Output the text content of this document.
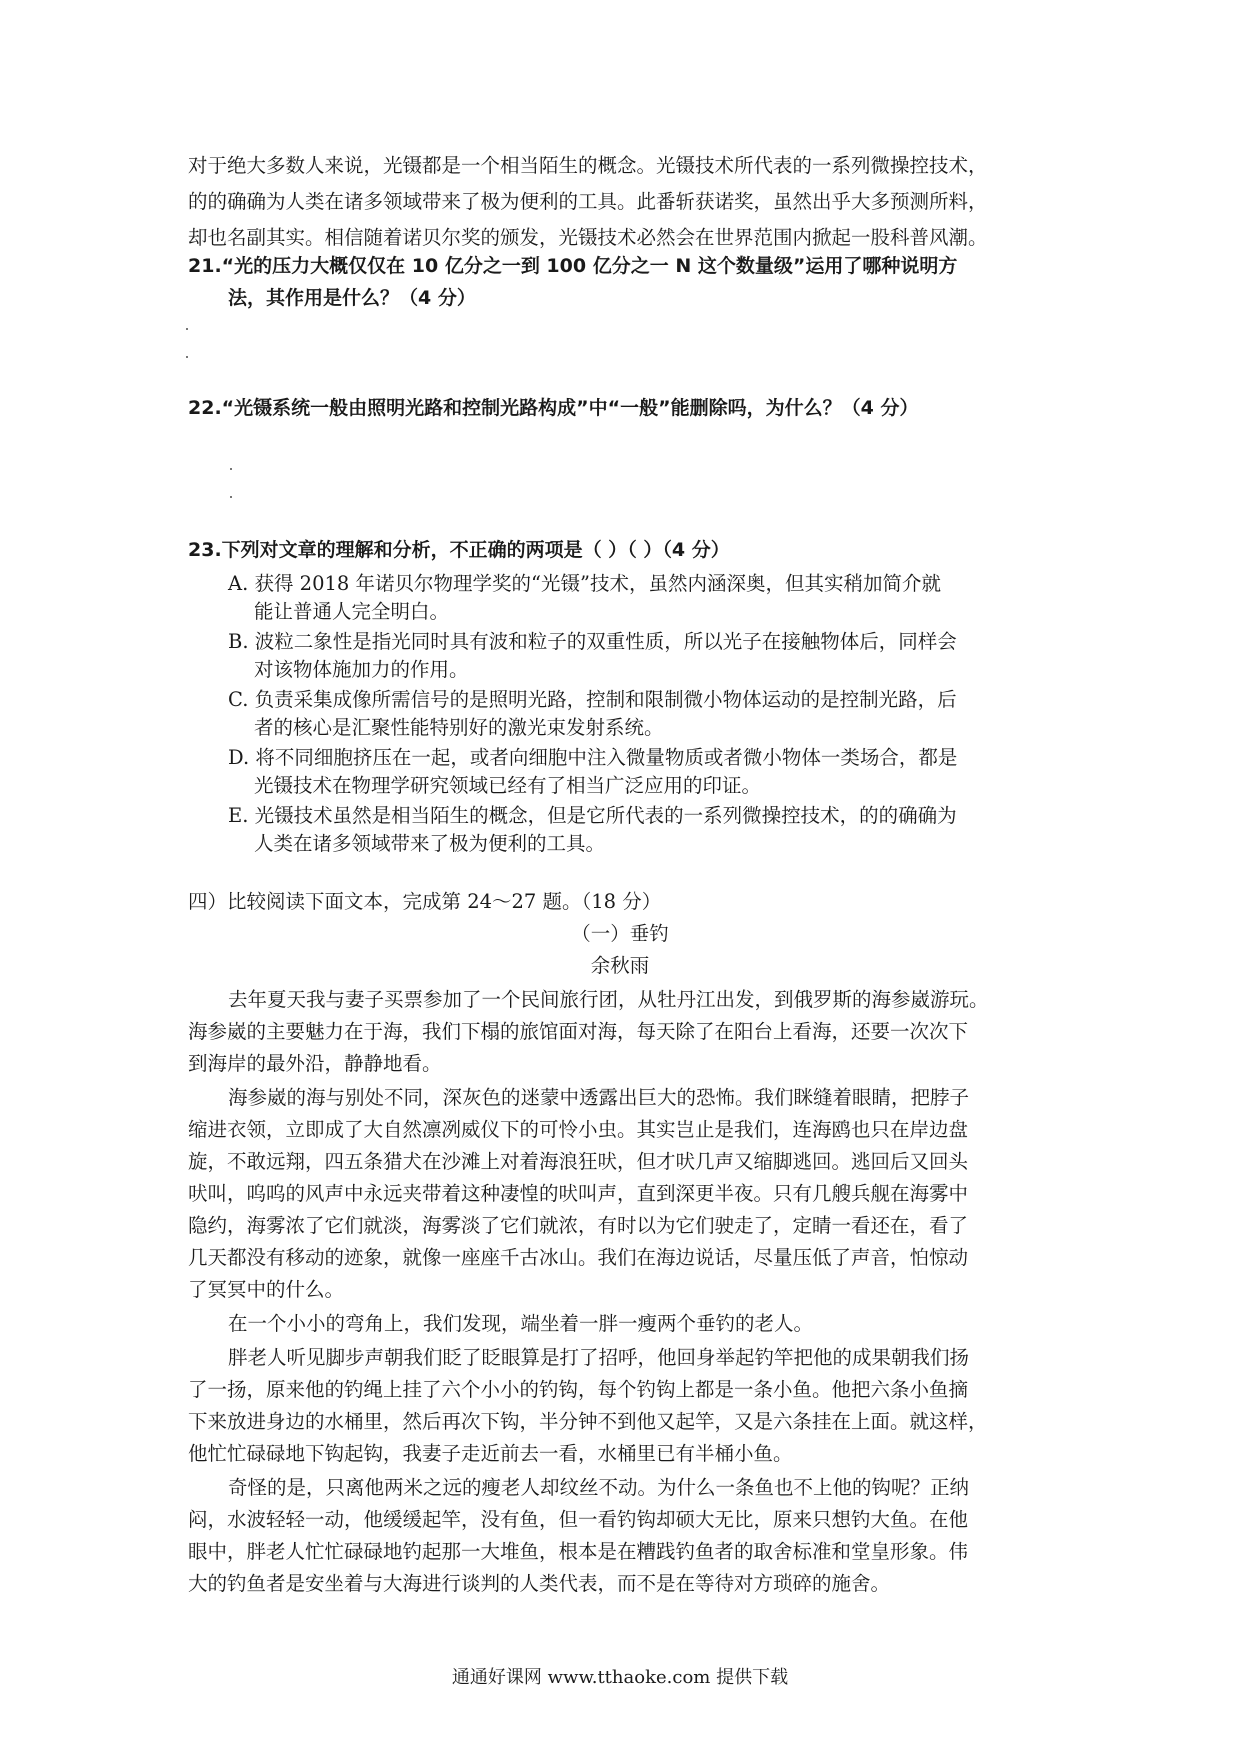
对于绝大多数人来说，光镊都是一个相当陌生的概念。光镊技术所代表的一系列微操控技术，
的的确确为人类在诸多领域带来了极为便利的工具。此番斩获诺奖，虽然出乎大多预测所料，
却也名副其实。相信随着诺贝尔奖的颁发，光镊技术必然会在世界范围内掀起一股科普风潮。
21.“光的压力大概仅仅在 10 亿分之一到 100 亿分之一 N 这个数量级”运用了哪种说明方
法，其作用是什么？（4 分）
22.“光镊系统一般由照明光路和控制光路构成”中“一般”能删除吗，为什么？（4 分）
23.下列对文章的理解和分析，不正确的两项是（ ）（ ）（4 分）
A. 获得 2018 年诺贝尔物理学奖的“光镊”技术，虽然内涵深奥，但其实稍加简介就
能让普通人完全明白。
B. 波粒二象性是指光同时具有波和粒子的双重性质，所以光子在接触物体后，同样会
对该物体施加力的作用。
C. 负责采集成像所需信号的是照明光路，控制和限制微小物体运动的是控制光路，后
者的核心是汇聚性能特别好的激光束发射系统。
D. 将不同细胞挤压在一起，或者向细胞中注入微量物质或者微小物体一类场合，都是
光镊技术在物理学研究领域已经有了相当广泛应用的印证。
E. 光镊技术虽然是相当陌生的概念，但是它所代表的一系列微操控技术，的的确确为
人类在诸多领域带来了极为便利的工具。
四）比较阅读下面文本，完成第 24～27 题。（18 分）
（一）垂钓
余秋雨
去年夏天我与妻子买票参加了一个民间旅行团，从牡丹江出发，到俄罗斯的海参崴游玩。
海参崴的主要魅力在于海，我们下榻的旅馆面对海，每天除了在阳台上看海，还要一次次下
到海岸的最外沿，静静地看。
海参崴的海与别处不同，深灰色的迷蒙中透露出巨大的恐怖。我们眯缝着眼睛，把脖子
缩进衣领，立即成了大自然凛冽威仪下的可怜小虫。其实岂止是我们，连海鸥也只在岸边盘
旋，不敢远翔，四五条猎犬在沙滩上对着海浪狂吠，但才吠几声又缩脚逃回。逃回后又回头
吠叫，呜呜的风声中永远夹带着这种凄惶的吠叫声，直到深更半夜。只有几艘兵舰在海雾中
隐约，海雾浓了它们就淡，海雾淡了它们就浓，有时以为它们驶走了，定睛一看还在，看了
几天都没有移动的迹象，就像一座座千古冰山。我们在海边说话，尽量压低了声音，怕惊动
了冥冥中的什么。
在一个小小的弯角上，我们发现，端坐着一胖一瘦两个垂钓的老人。
胖老人听见脚步声朝我们眨了眨眼算是打了招呼，他回身举起钓竿把他的成果朝我们扬
了一扬，原来他的钓绳上挂了六个小小的钓钩，每个钓钩上都是一条小鱼。他把六条小鱼摘
下来放进身边的水桶里，然后再次下钩，半分钟不到他又起竿，又是六条挂在上面。就这样，
他忙忙碌碌地下钩起钩，我妻子走近前去一看，水桶里已有半桶小鱼。
奇怪的是，只离他两米之远的瘦老人却纹丝不动。为什么一条鱼也不上他的钩呢？正纳
闷，水波轻轻一动，他缓缓起竿，没有鱼，但一看钓钩却硕大无比，原来只想钓大鱼。在他
眼中，胖老人忙忙碌碌地钓起那一大堆鱼，根本是在糟践钓鱼者的取舍标准和堂皇形象。伟
大的钓鱼者是安坐着与大海进行谈判的人类代表，而不是在等待对方琐碎的施舍。
通通好课网 www.tthaoke.com 提供下载
